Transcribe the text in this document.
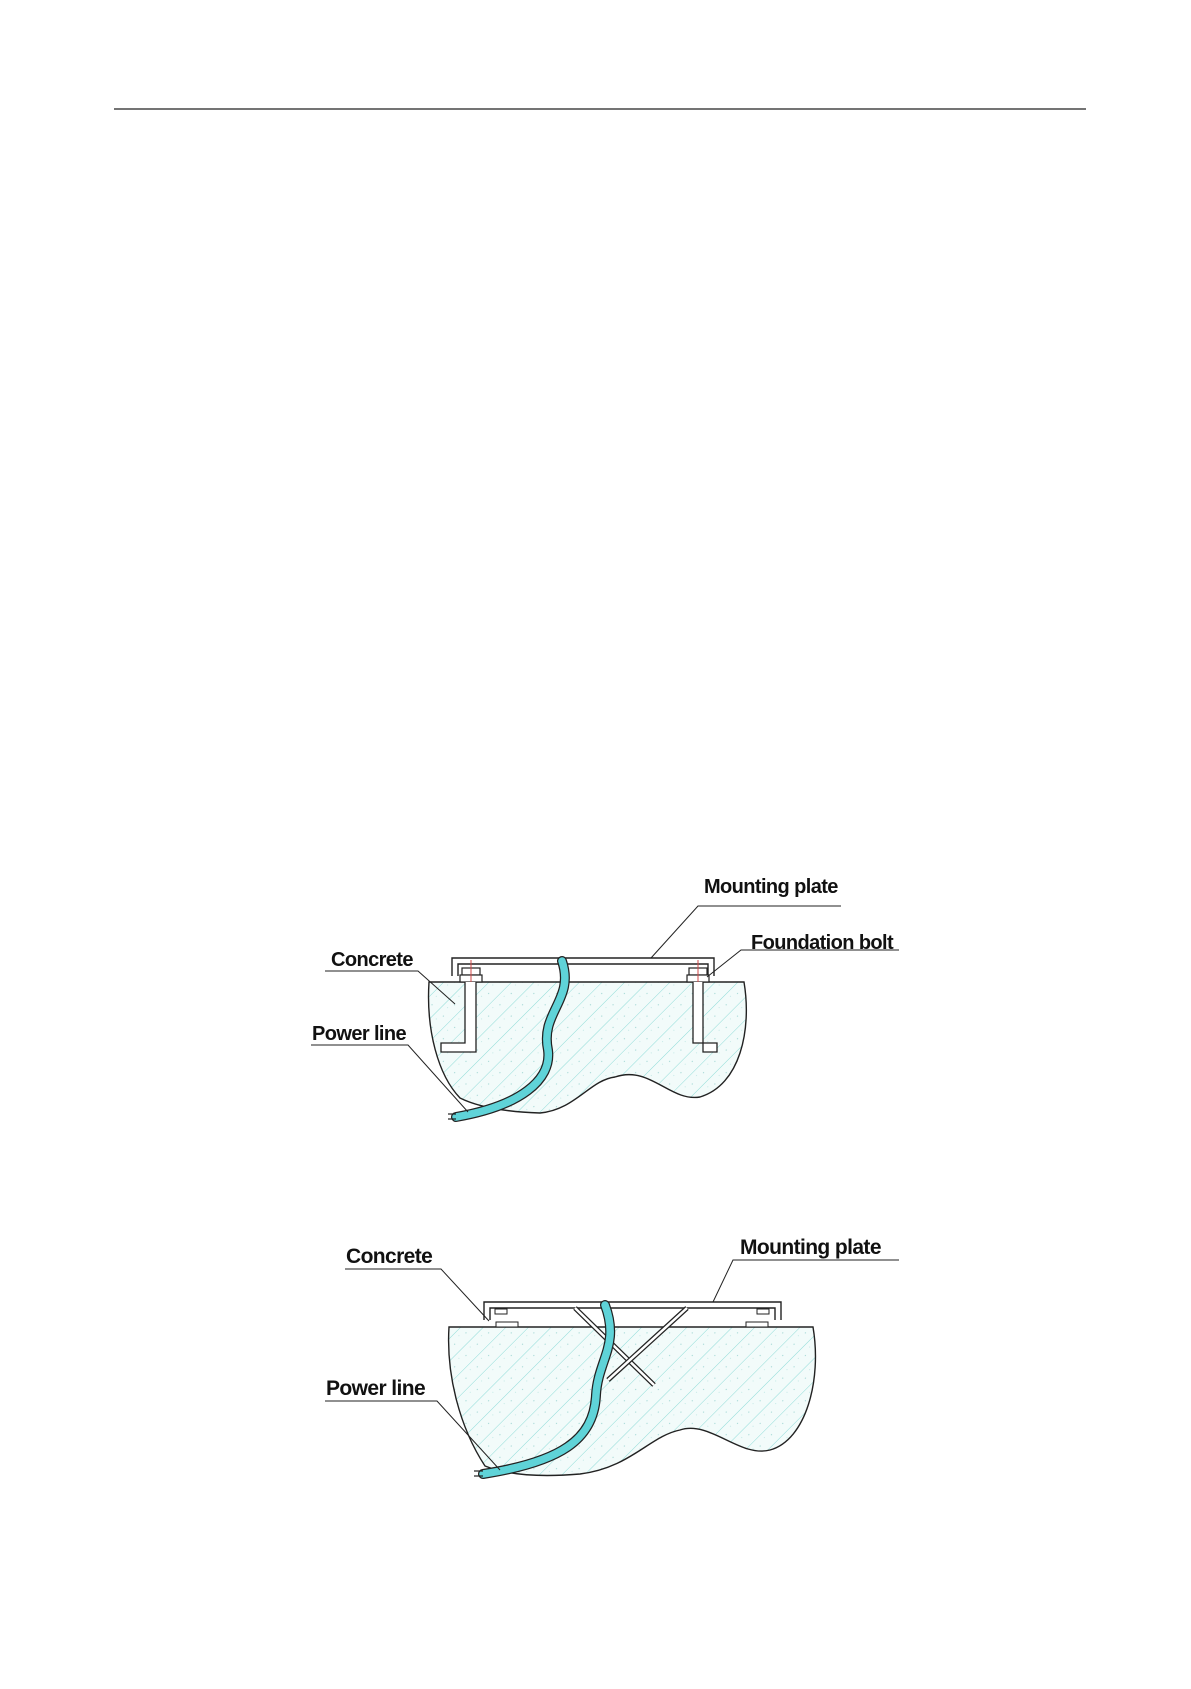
Mounting plate
Foundation bolt
Concrete
Power line
Concrete	Mounting plate
Power line
